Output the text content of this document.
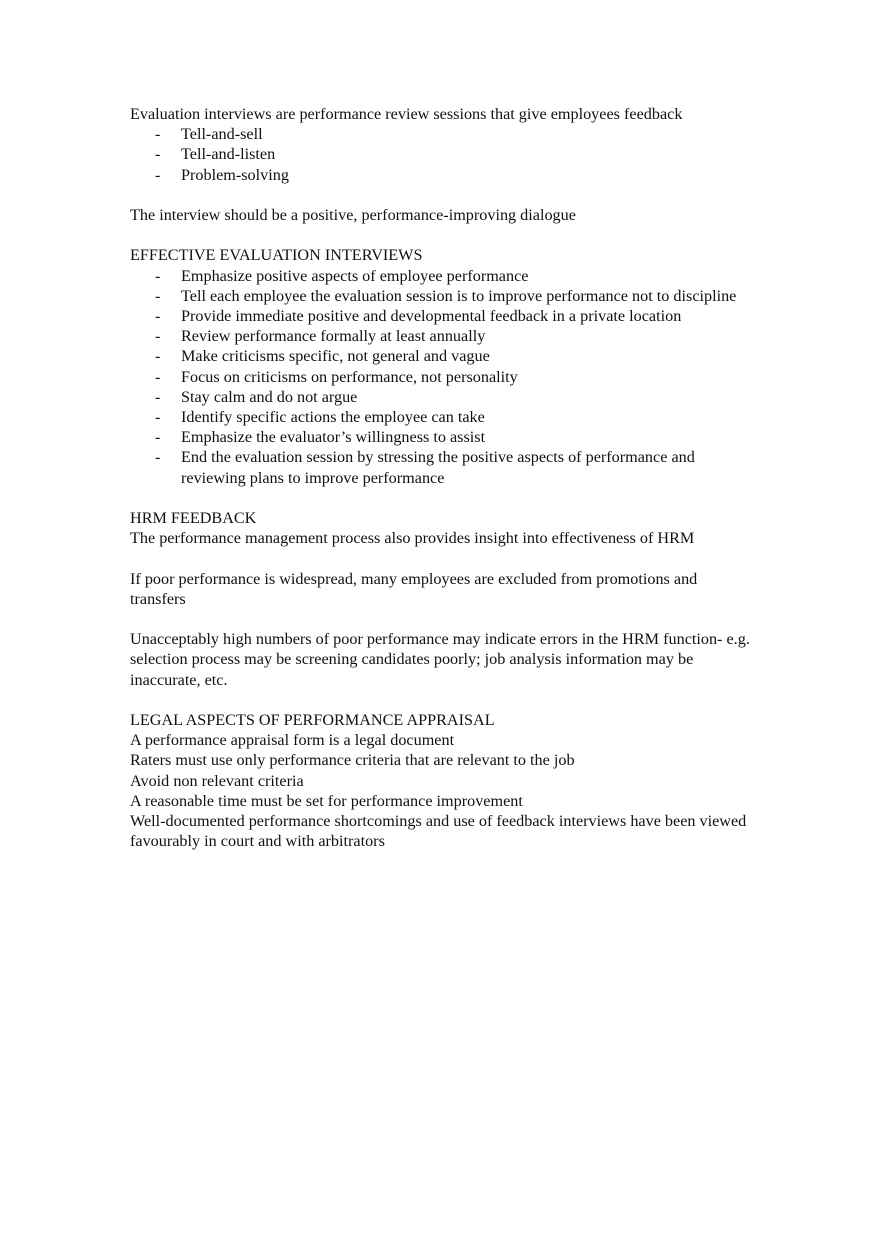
Evaluation interviews are performance review sessions that give employees feedback

- Tell-and-sell
- Tell-and-listen
- Problem-solving

The interview should be a positive, performance-improving dialogue

EFFECTIVE EVALUATION INTERVIEWS

- Emphasize positive aspects of employee performance
- Tell each employee the evaluation session is to improve performance not to discipline
- Provide immediate positive and developmental feedback in a private location
- Review performance formally at least annually
- Make criticisms specific, not general and vague
- Focus on criticisms on performance, not personality
- Stay calm and do not argue
- Identify specific actions the employee can take
- Emphasize the evaluator’s willingness to assist
- End the evaluation session by stressing the positive aspects of performance and reviewing plans to improve performance

HRM FEEDBACK

The performance management process also provides insight into effectiveness of HRM

If poor performance is widespread, many employees are excluded from promotions and transfers

Unacceptably high numbers of poor performance may indicate errors in the HRM function- e.g. selection process may be screening candidates poorly; job analysis information may be inaccurate, etc.

LEGAL ASPECTS OF PERFORMANCE APPRAISAL

A performance appraisal form is a legal document

Raters must use only performance criteria that are relevant to the job

Avoid non relevant criteria

A reasonable time must be set for performance improvement

Well-documented performance shortcomings and use of feedback interviews have been viewed favourably in court and with arbitrators
